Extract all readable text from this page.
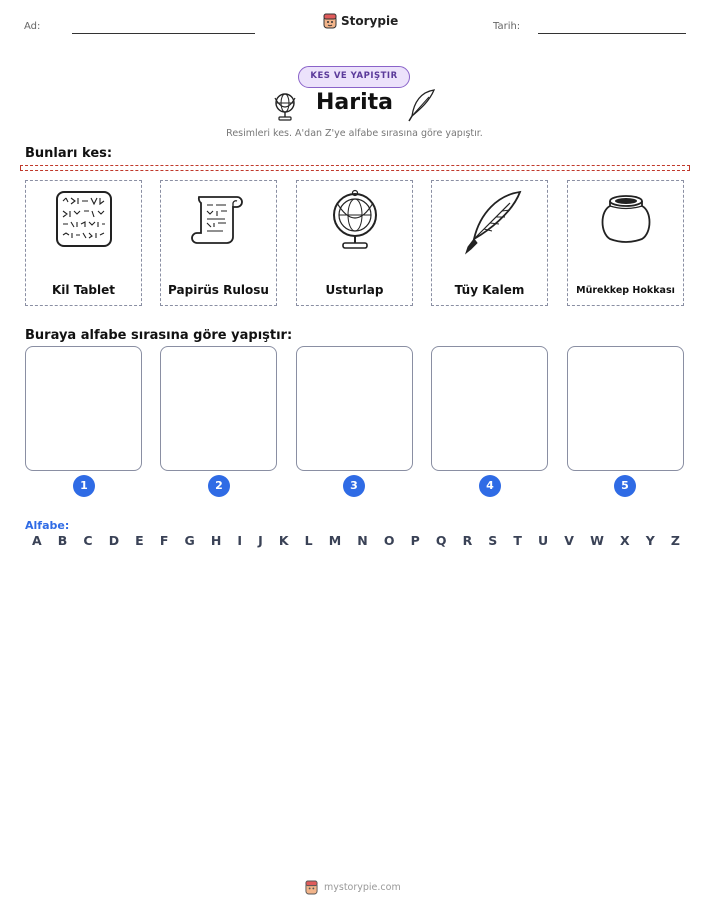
Ad:	Storypie	Tarih:
KES VE YAPIŞTIR
Harita
Resimleri kes. A'dan Z'ye alfabe sırasına göre yapıştır.
Bunları kes:
Kil Tablet	Papirüs Rulosu	Usturlap	Tüy Kalem	Mürekkep Hokkası
Buraya alfabe sırasına göre yapıştır:
1	2	3	4	5
Alfabe:
A B C D E F G H I J K L M N O P Q R S T U V W X Y Z
mystorypie.com
